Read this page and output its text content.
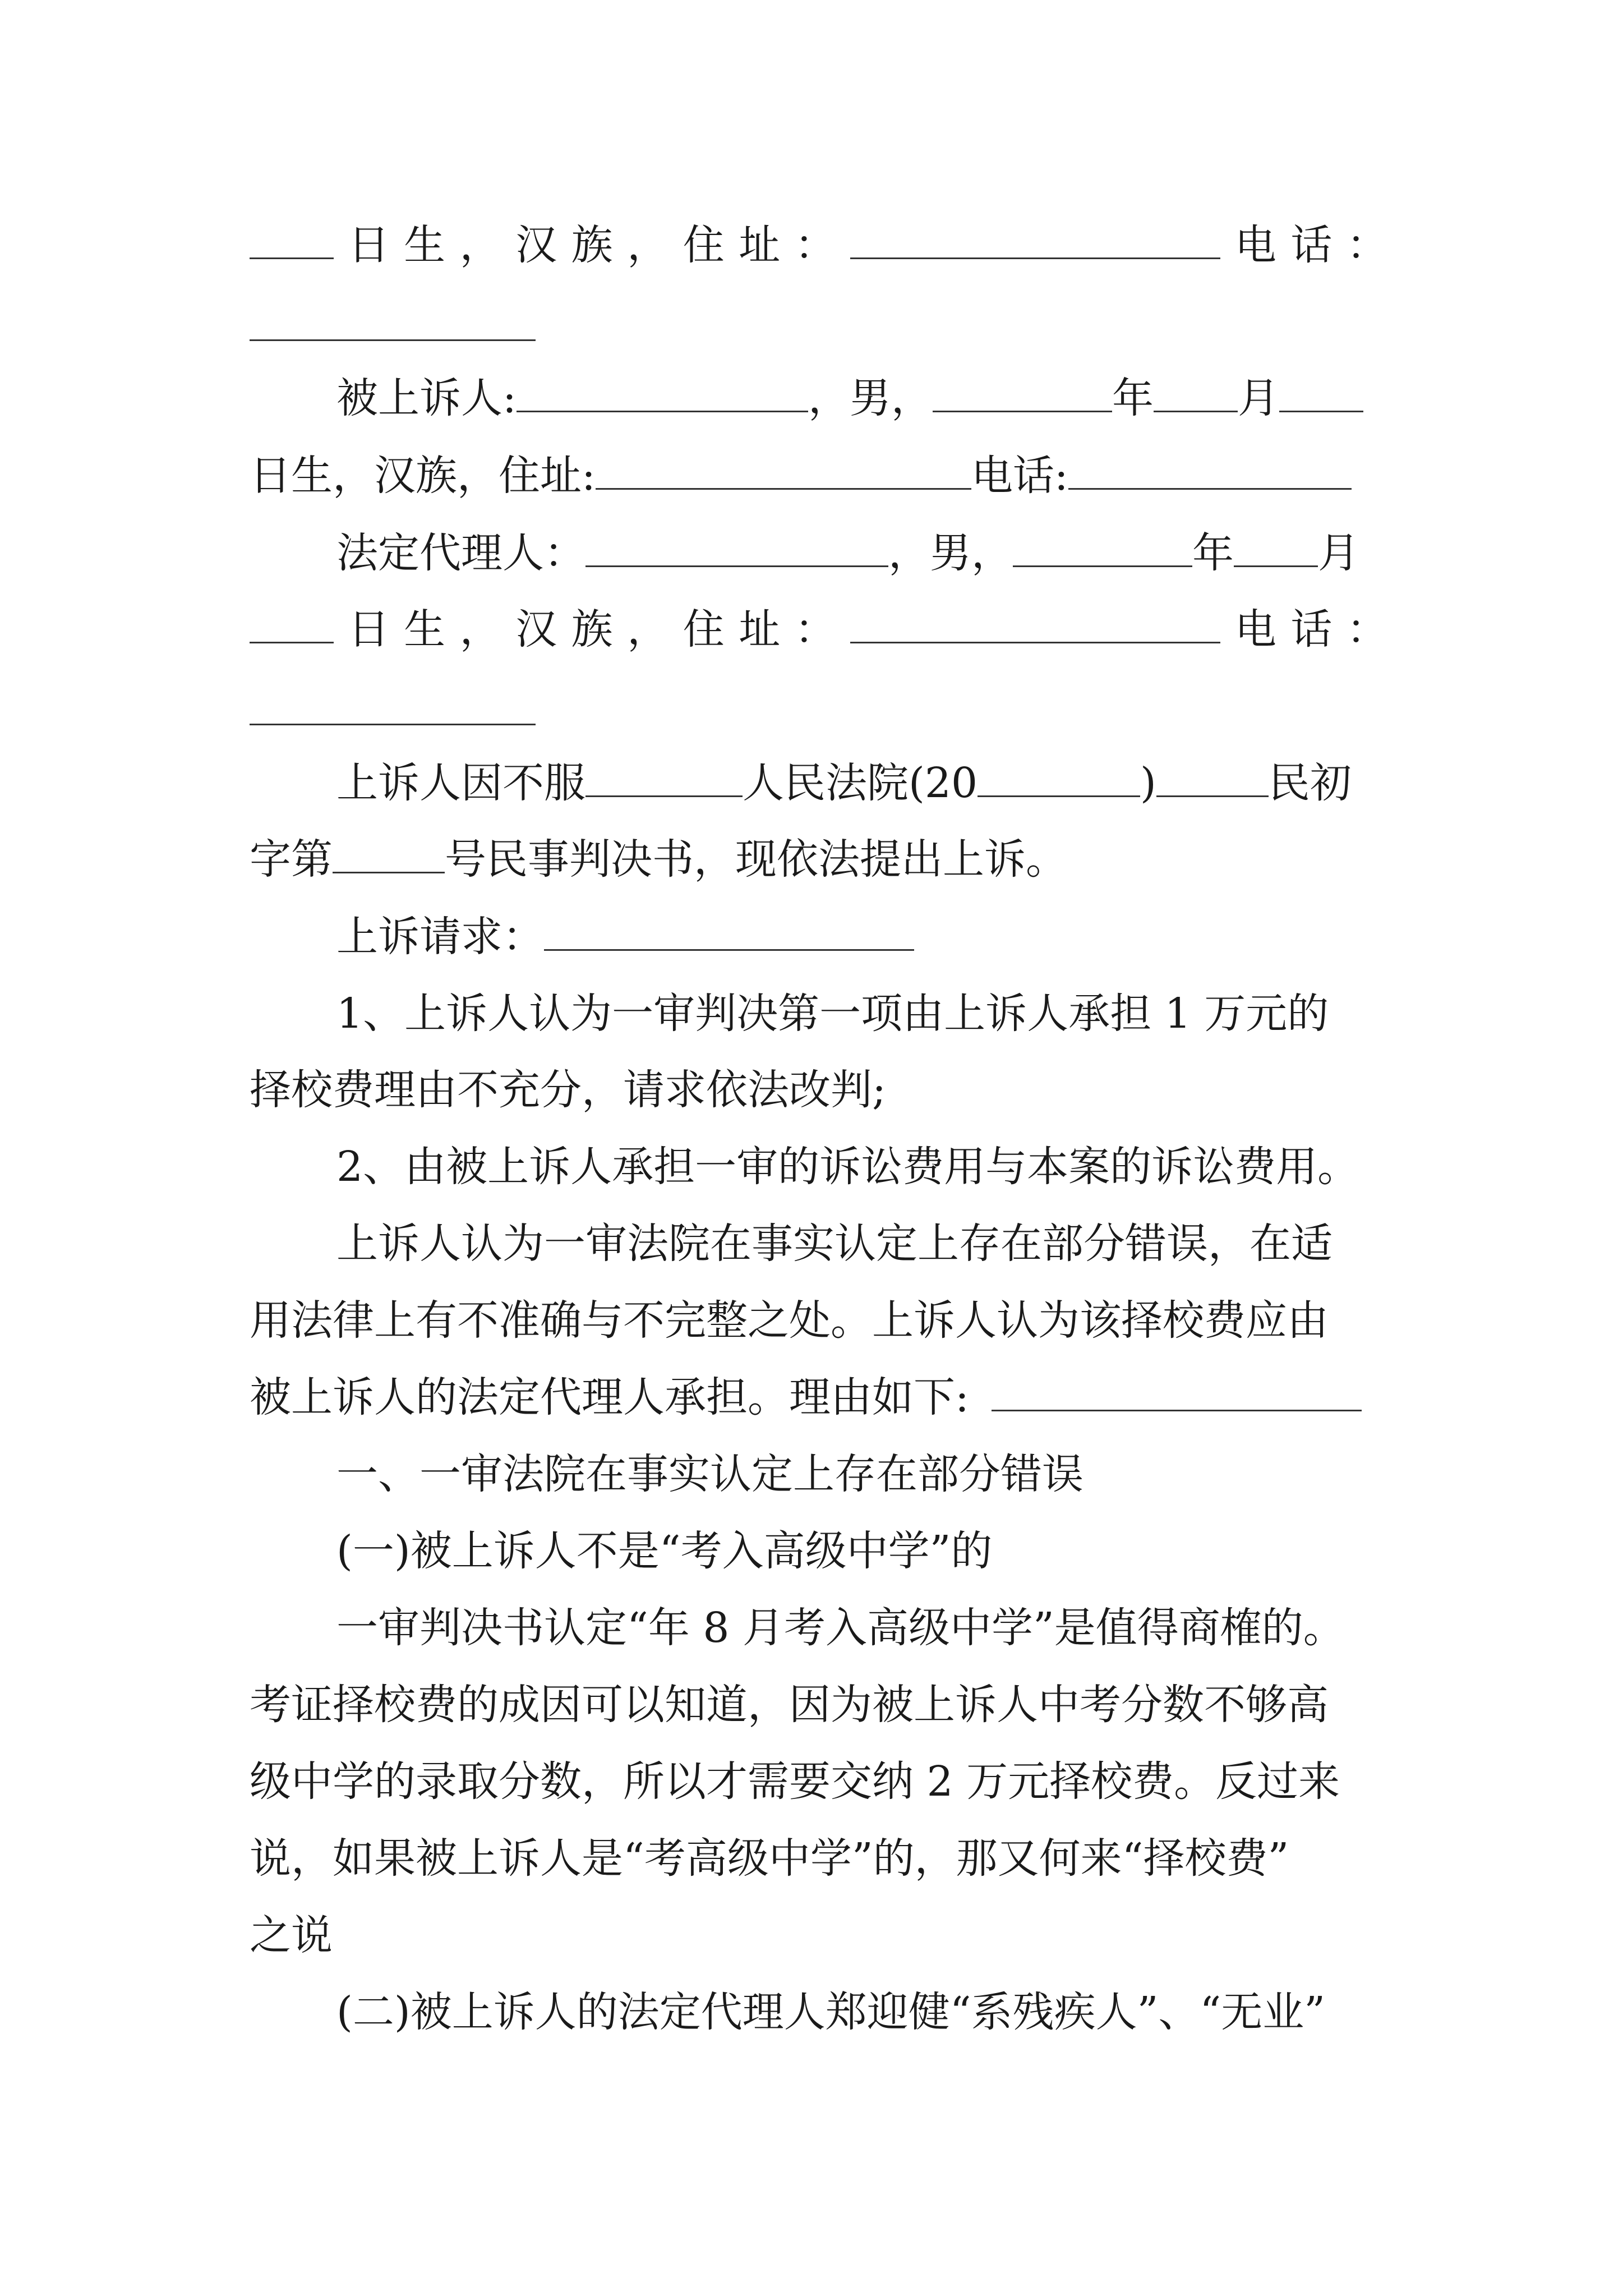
日 生 ， 汉 族 ， 住 址 ：	电 话 ：
被上诉人:	，男，	年 月
日生，汉族，住址:	电话:
法定代理人：	，男，	年 月
日 生 ， 汉 族 ， 住 址 ：	电 话 ：
上诉人因不服	人民法院(20	)	民初
字第	号民事判决书，现依法提出上诉。
上诉请求：
1、上诉人认为一审判决第一项由上诉人承担 1 万元的
择校费理由不充分，请求依法改判;
2、由被上诉人承担一审的诉讼费用与本案的诉讼费用。
上诉人认为一审法院在事实认定上存在部分错误，在适
用法律上有不准确与不完整之处。上诉人认为该择校费应由
被上诉人的法定代理人承担。理由如下:
一、一审法院在事实认定上存在部分错误
(一)被上诉人不是“考入高级中学”的
一审判决书认定“年 8 月考入高级中学”是值得商榷的。
考证择校费的成因可以知道，因为被上诉人中考分数不够高
级中学的录取分数，所以才需要交纳 2 万元择校费。反过来
说，如果被上诉人是“考高级中学”的，那又何来“择校费”
之说
(二)被上诉人的法定代理人郑迎健“系残疾人”、“无业”
